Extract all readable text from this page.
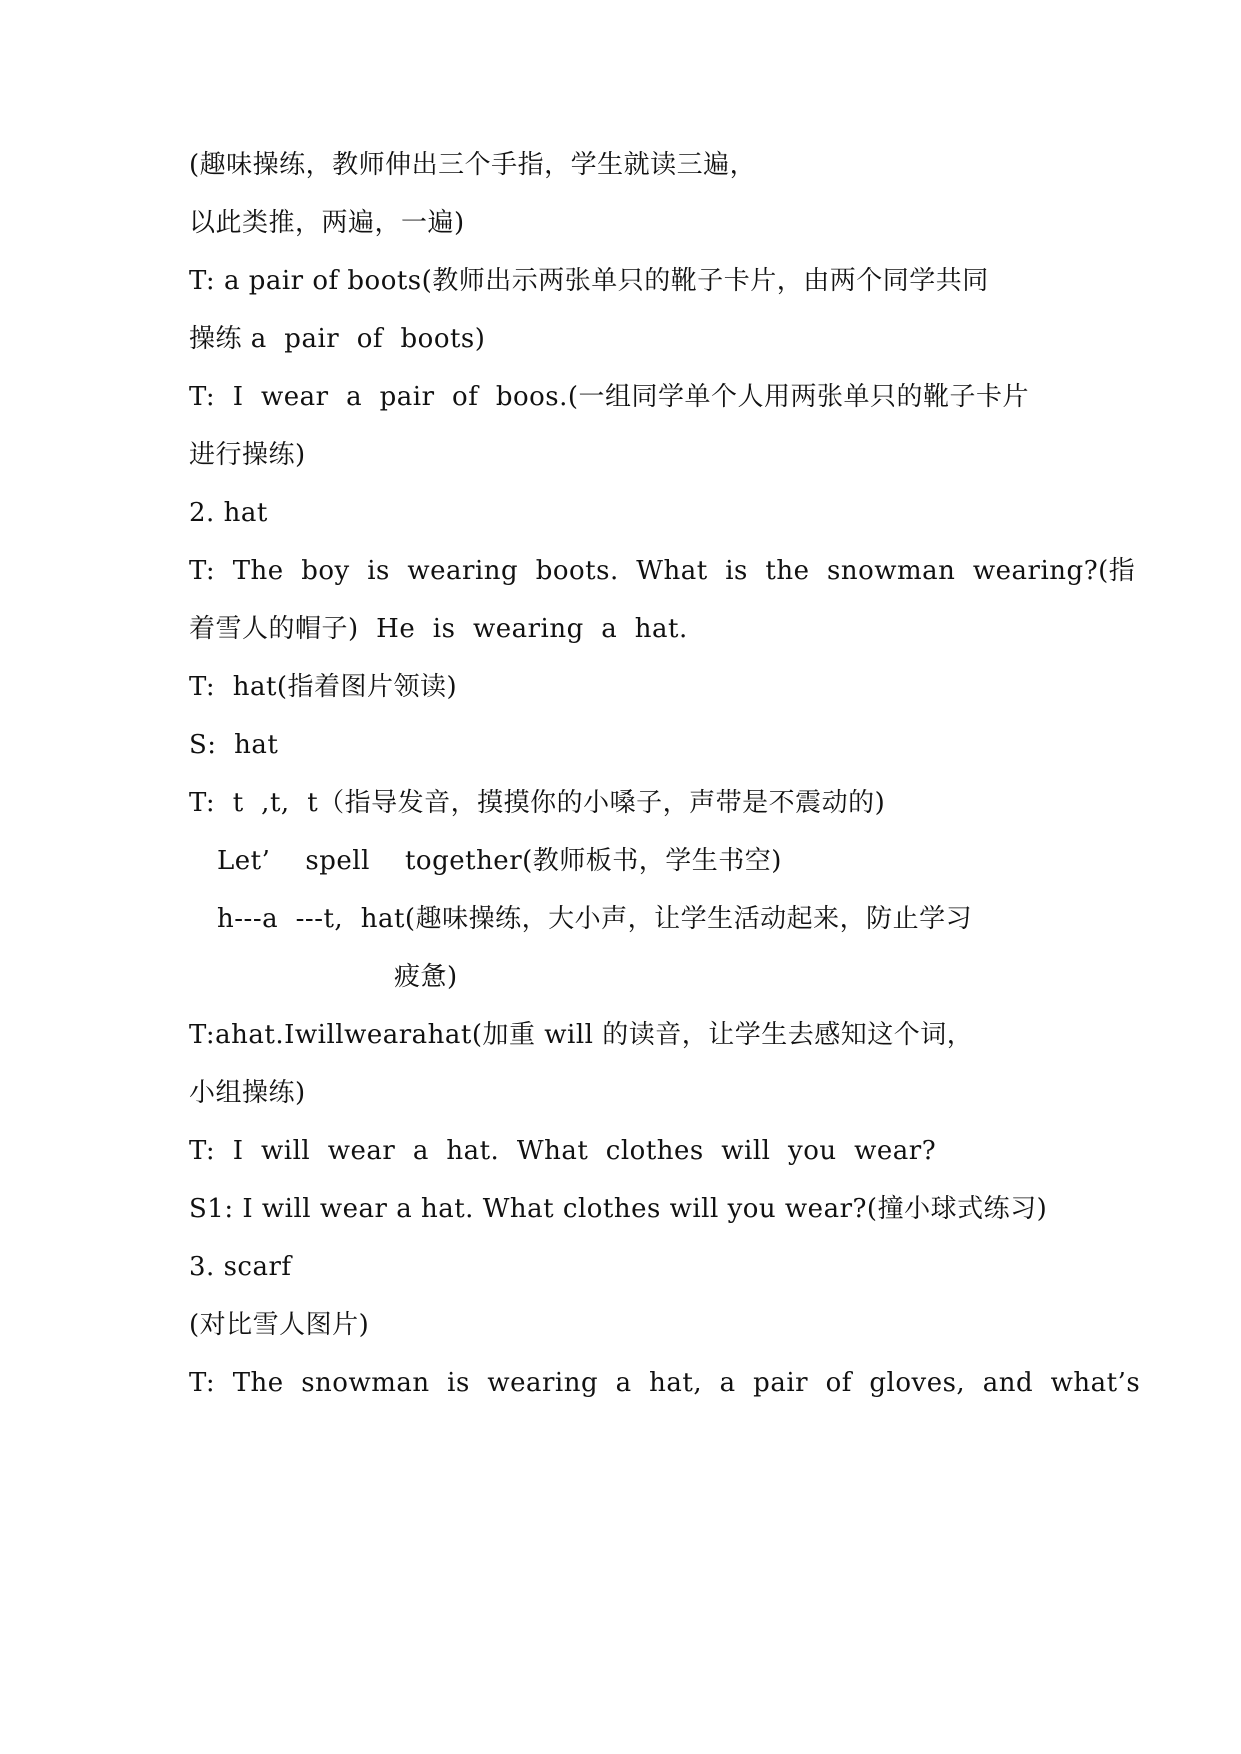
(趣味操练，教师伸出三个手指，学生就读三遍，
以此类推，两遍，一遍)
T: a pair of boots(教师出示两张单只的靴子卡片，由两个同学共同
操练 a  pair  of  boots)
T:  I  wear  a  pair  of  boos.(一组同学单个人用两张单只的靴子卡片
进行操练)
2. hat
T:  The  boy  is  wearing  boots.  What  is  the  snowman  wearing?(指
着雪人的帽子)  He  is  wearing  a  hat.
T:  hat(指着图片领读)
S:  hat
T:  t  ,t,  t（指导发音，摸摸你的小嗓子，声带是不震动的)
Let’    spell    together(教师板书，学生书空)
h---a  ---t,  hat(趣味操练，大小声，让学生活动起来，防止学习
疲惫)
T:ahat.Iwillwearahat(加重 will 的读音，让学生去感知这个词，
小组操练)
T:  I  will  wear  a  hat.  What  clothes  will  you  wear?
S1: I will wear a hat. What clothes will you wear?(撞小球式练习)
3. scarf
(对比雪人图片)
T:  The  snowman  is  wearing  a  hat,  a  pair  of  gloves,  and  what’s
